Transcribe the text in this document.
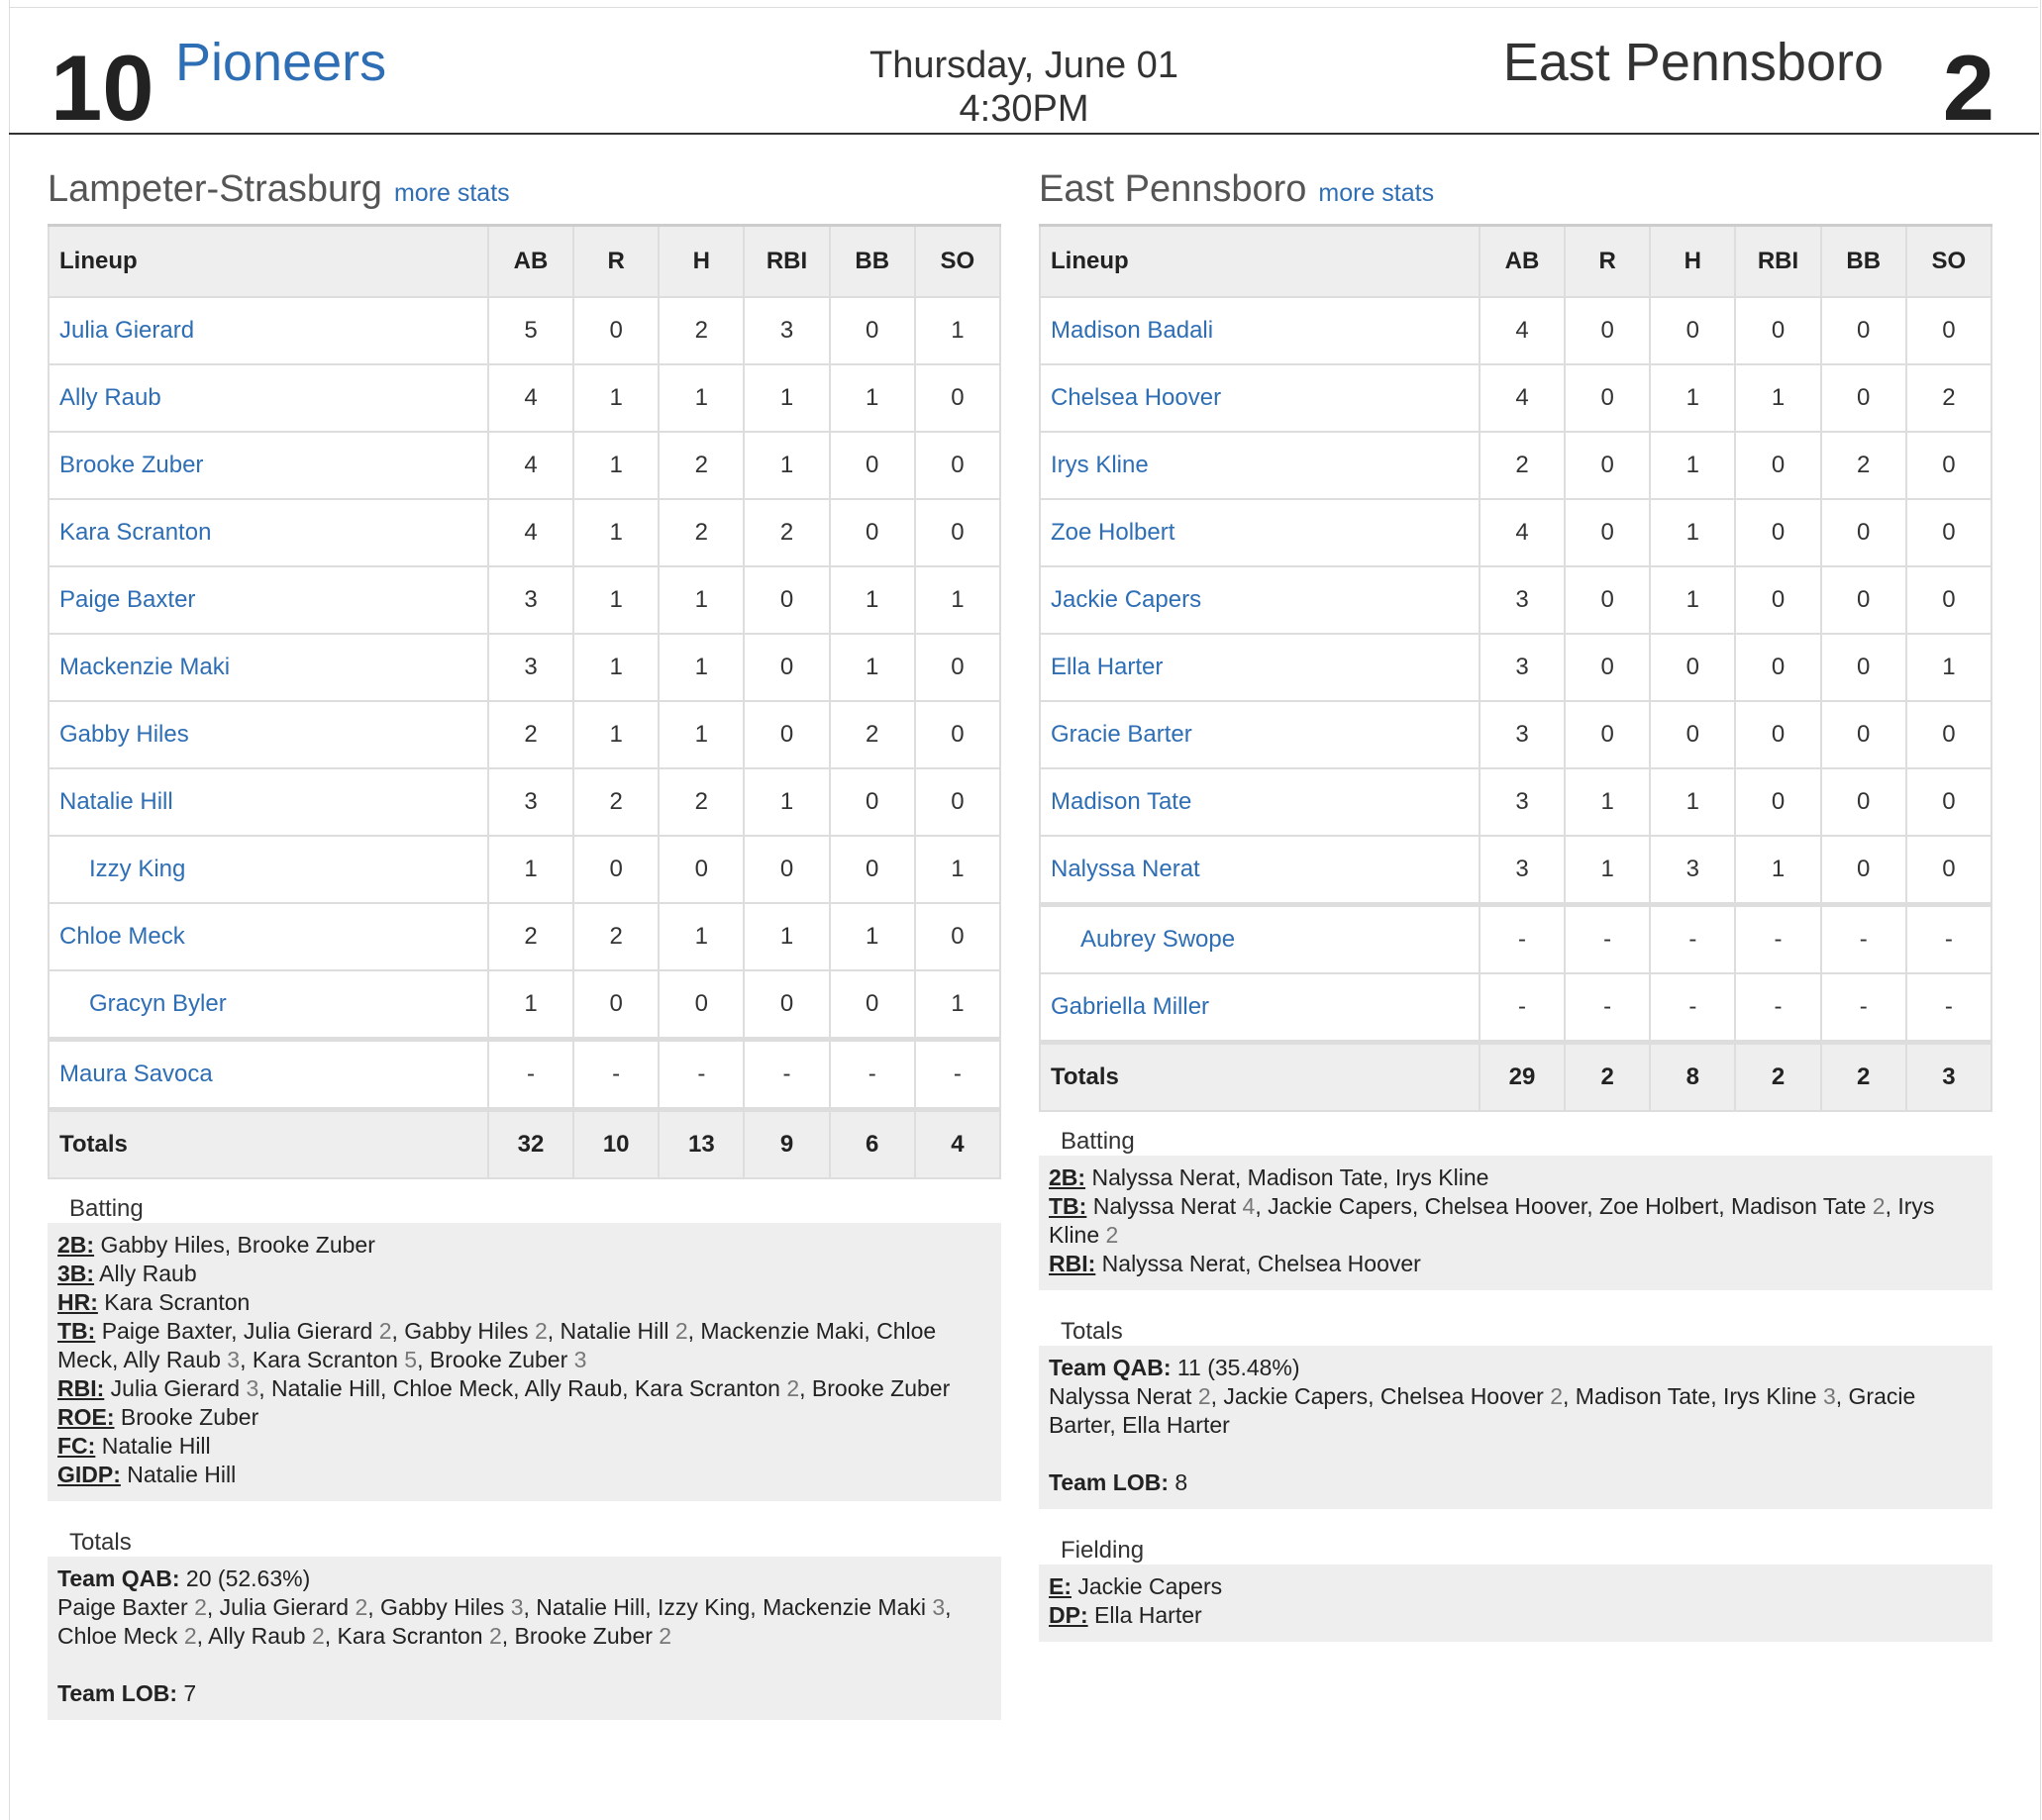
10 Pioneers	Thursday, June 01
4:30PM
East Pennsboro 2
Lampeter-Strasburg more stats
Lineup	AB	R	H	RBI	BB	SO
Julia Gierard	5	0	2	3	0	1
Ally Raub	4	1	1	1	1	0
Brooke Zuber	4	1	2	1	0	0
Kara Scranton	4	1	2	2	0	0
Paige Baxter	3	1	1	0	1	1
Mackenzie Maki	3	1	1	0	1	0
Gabby Hiles	2	1	1	0	2	0
Natalie Hill	3	2	2	1	0	0
Izzy King	1	0	0	0	0	1
Chloe Meck	2	2	1	1	1	0
Gracyn Byler	1	0	0	0	0	1
Maura Savoca	-	-	-	-	-	-
Totals	32	10	13	9	6	4
Batting
2B: Gabby Hiles, Brooke Zuber
3B: Ally Raub
HR: Kara Scranton
TB: Paige Baxter, Julia Gierard 2, Gabby Hiles 2, Natalie Hill 2, Mackenzie Maki, Chloe Meck, Ally Raub 3, Kara Scranton 5, Brooke Zuber 3
RBI: Julia Gierard 3, Natalie Hill, Chloe Meck, Ally Raub, Kara Scranton 2, Brooke Zuber
ROE: Brooke Zuber
FC: Natalie Hill
GIDP: Natalie Hill
Totals
Team QAB: 20 (52.63%)
Paige Baxter 2, Julia Gierard 2, Gabby Hiles 3, Natalie Hill, Izzy King, Mackenzie Maki 3, Chloe Meck 2, Ally Raub 2, Kara Scranton 2, Brooke Zuber 2
Team LOB: 7
East Pennsboro more stats
Lineup	AB	R	H	RBI	BB	SO
Madison Badali	4	0	0	0	0	0
Chelsea Hoover	4	0	1	1	0	2
Irys Kline	2	0	1	0	2	0
Zoe Holbert	4	0	1	0	0	0
Jackie Capers	3	0	1	0	0	0
Ella Harter	3	0	0	0	0	1
Gracie Barter	3	0	0	0	0	0
Madison Tate	3	1	1	0	0	0
Nalyssa Nerat	3	1	3	1	0	0
Aubrey Swope	-	-	-	-	-	-
Gabriella Miller	-	-	-	-	-	-
Totals	29	2	8	2	2	3
Batting
2B: Nalyssa Nerat, Madison Tate, Irys Kline
TB: Nalyssa Nerat 4, Jackie Capers, Chelsea Hoover, Zoe Holbert, Madison Tate 2, Irys Kline 2
RBI: Nalyssa Nerat, Chelsea Hoover
Totals
Team QAB: 11 (35.48%)
Nalyssa Nerat 2, Jackie Capers, Chelsea Hoover 2, Madison Tate, Irys Kline 3, Gracie Barter, Ella Harter
Team LOB: 8
Fielding
E: Jackie Capers
DP: Ella Harter
